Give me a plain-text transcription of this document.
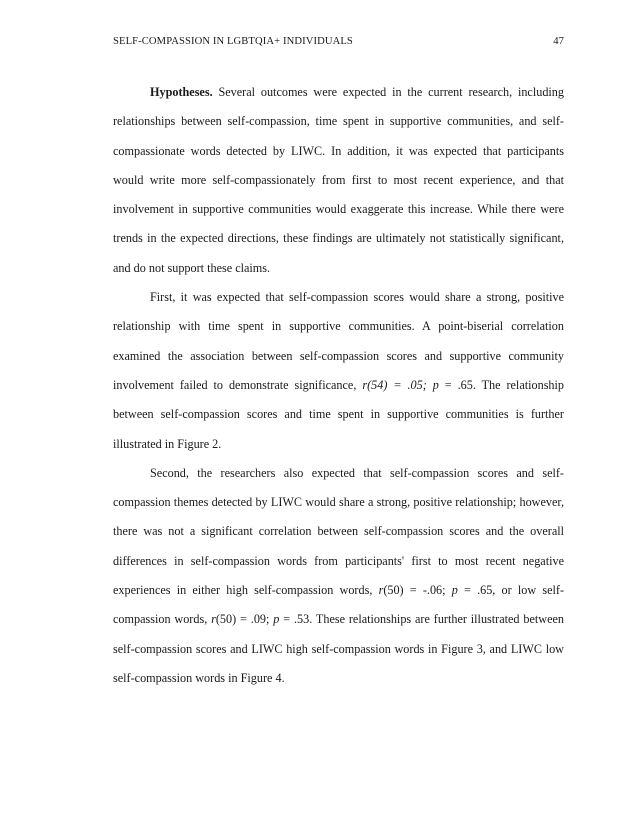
SELF-COMPASSION IN LGBTQIA+ INDIVIDUALS	47

Hypotheses. Several outcomes were expected in the current research, including relationships between self-compassion, time spent in supportive communities, and self-compassionate words detected by LIWC. In addition, it was expected that participants would write more self-compassionately from first to most recent experience, and that involvement in supportive communities would exaggerate this increase. While there were trends in the expected directions, these findings are ultimately not statistically significant, and do not support these claims.

First, it was expected that self-compassion scores would share a strong, positive relationship with time spent in supportive communities. A point-biserial correlation examined the association between self-compassion scores and supportive community involvement failed to demonstrate significance, r(54) = .05; p = .65. The relationship between self-compassion scores and time spent in supportive communities is further illustrated in Figure 2.

Second, the researchers also expected that self-compassion scores and self-compassion themes detected by LIWC would share a strong, positive relationship; however, there was not a significant correlation between self-compassion scores and the overall differences in self-compassion words from participants' first to most recent negative experiences in either high self-compassion words, r(50) = -.06; p = .65, or low self-compassion words, r(50) = .09; p = .53. These relationships are further illustrated between self-compassion scores and LIWC high self-compassion words in Figure 3, and LIWC low self-compassion words in Figure 4.
